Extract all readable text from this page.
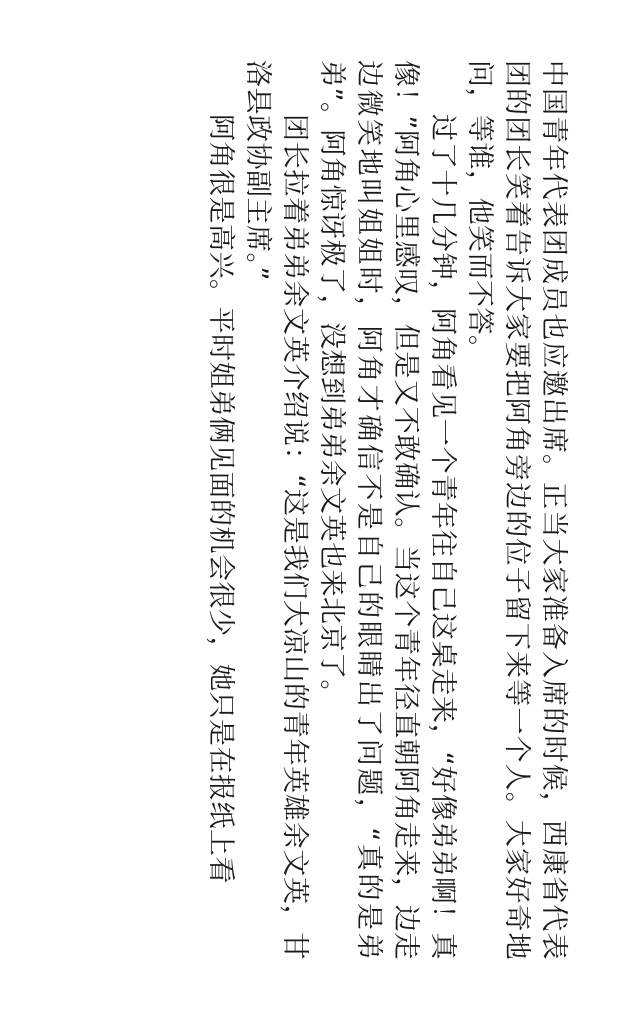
中国青年代表团成员也应邀出席。正当大家准备入席的时候，西康省代表团的团长笑着告诉大家要把阿角旁边的位子留下来等一个人。大家好奇地问，等谁，他笑而不答。

过了十几分钟，阿角看见一个青年往自己这桌走来，“好像弟弟啊！真像！”阿角心里感叹，但是又不敢确认。当这个青年径直朝阿角走来，边走边微笑地叫姐姐时，阿角才确信不是自己的眼睛出了问题，“真的是弟弟”。阿角惊讶极了，没想到弟弟余文英也来北京了。

团长拉着弟弟余文英介绍说：“这是我们大凉山的青年英雄余文英，甘洛县政协副主席。”

阿角很是高兴。平时姐弟俩见面的机会很少，她只是在报纸上看
